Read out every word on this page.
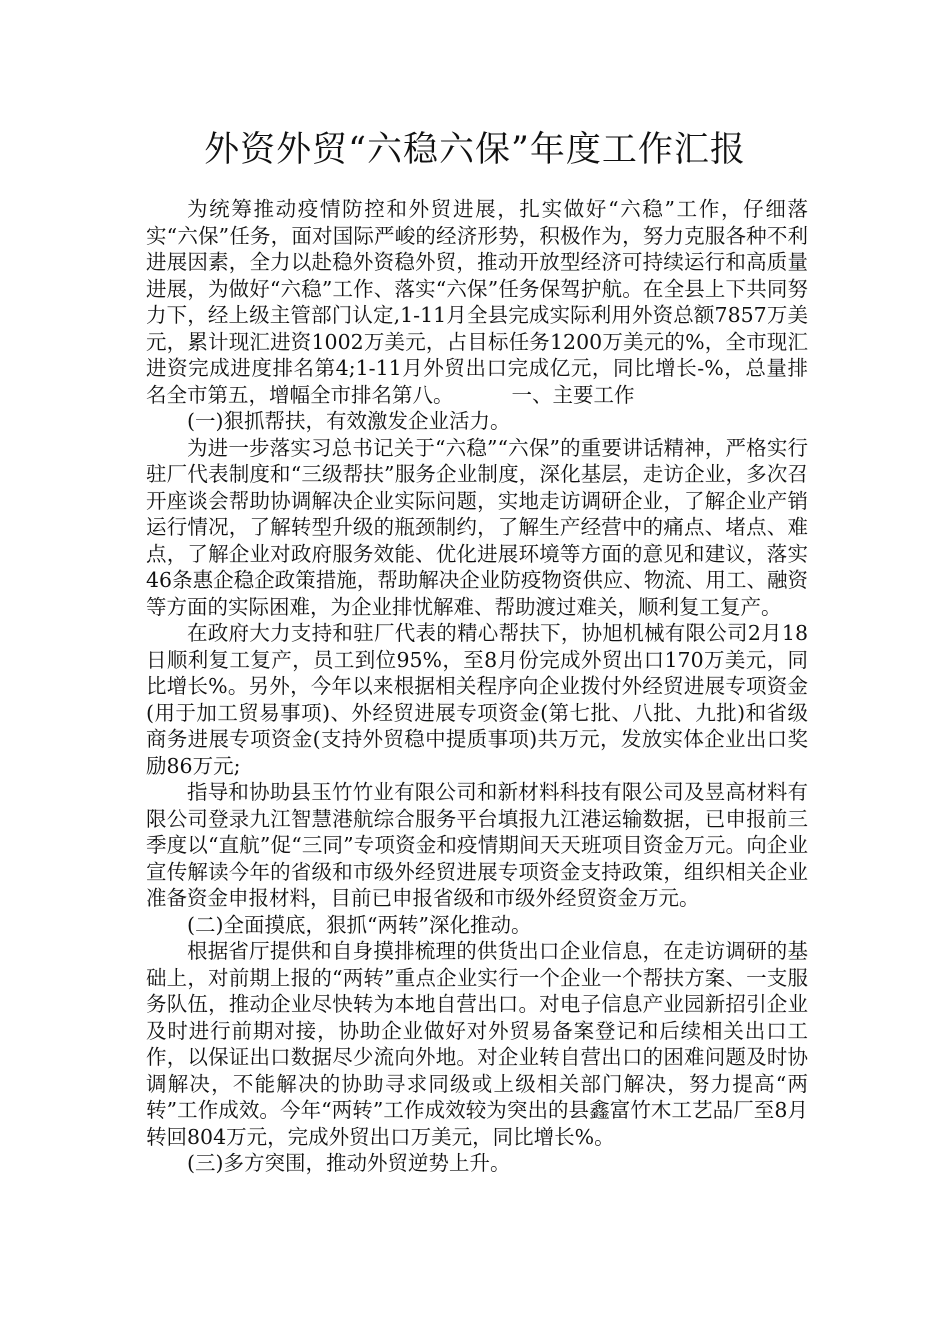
外资外贸“六稳六保”年度工作汇报

为统筹推动疫情防控和外贸进展，扎实做好“六稳”工作，仔细落实“六保”任务，面对国际严峻的经济形势，积极作为，努力克服各种不利进展因素，全力以赴稳外资稳外贸，推动开放型经济可持续运行和高质量进展，为做好“六稳”工作、落实“六保”任务保驾护航。在全县上下共同努力下，经上级主管部门认定,1-11月全县完成实际利用外资总额7857万美元，累计现汇进资1002万美元，占目标任务1200万美元的%，全市现汇进资完成进度排名第4;1-11月外贸出口完成亿元，同比增长-%，总量排名全市第五，增幅全市排名第八。	一、主要工作

(一)狠抓帮扶，有效激发企业活力。

为进一步落实习总书记关于“六稳”“六保”的重要讲话精神，严格实行驻厂代表制度和“三级帮扶”服务企业制度，深化基层，走访企业，多次召开座谈会帮助协调解决企业实际问题，实地走访调研企业，了解企业产销运行情况，了解转型升级的瓶颈制约，了解生产经营中的痛点、堵点、难点，了解企业对政府服务效能、优化进展环境等方面的意见和建议，落实46条惠企稳企政策措施，帮助解决企业防疫物资供应、物流、用工、融资等方面的实际困难，为企业排忧解难、帮助渡过难关，顺利复工复产。

在政府大力支持和驻厂代表的精心帮扶下，协旭机械有限公司2月18日顺利复工复产，员工到位95%，至8月份完成外贸出口170万美元，同比增长%。另外，今年以来根据相关程序向企业拨付外经贸进展专项资金(用于加工贸易事项)、外经贸进展专项资金(第七批、八批、九批)和省级商务进展专项资金(支持外贸稳中提质事项)共万元，发放实体企业出口奖励86万元;

指导和协助县玉竹竹业有限公司和新材料科技有限公司及昱高材料有限公司登录九江智慧港航综合服务平台填报九江港运输数据，已申报前三季度以“直航”促“三同”专项资金和疫情期间天天班项目资金万元。向企业宣传解读今年的省级和市级外经贸进展专项资金支持政策，组织相关企业准备资金申报材料，目前已申报省级和市级外经贸资金万元。

(二)全面摸底，狠抓“两转”深化推动。

根据省厅提供和自身摸排梳理的供货出口企业信息，在走访调研的基础上，对前期上报的“两转”重点企业实行一个企业一个帮扶方案、一支服务队伍，推动企业尽快转为本地自营出口。对电子信息产业园新招引企业及时进行前期对接，协助企业做好对外贸易备案登记和后续相关出口工作，以保证出口数据尽少流向外地。对企业转自营出口的困难问题及时协调解决，不能解决的协助寻求同级或上级相关部门解决，努力提高“两转”工作成效。今年“两转”工作成效较为突出的县鑫富竹木工艺品厂至8月转回804万元，完成外贸出口万美元，同比增长%。

(三)多方突围，推动外贸逆势上升。
